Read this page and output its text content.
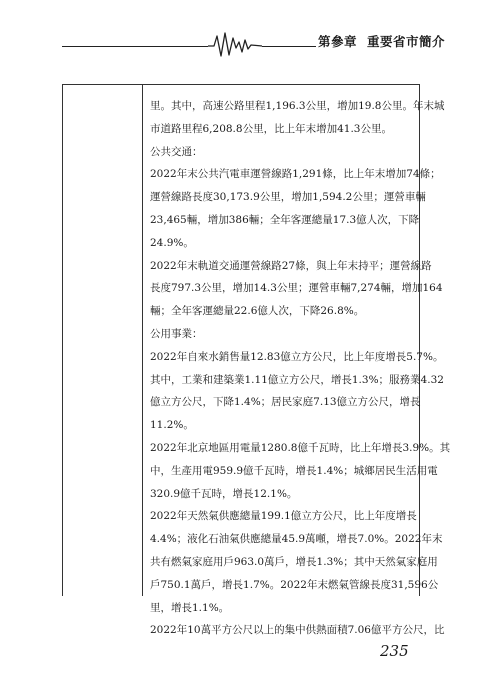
第參章 重要省市簡介
里。其中，高速公路里程1,196.3公里，增加19.8公里。年末城
市道路里程6,208.8公里，比上年末增加41.3公里。
公共交通：
2022年末公共汽電車運營線路1,291條，比上年末增加74條；
運營線路長度30,173.9公里，增加1,594.2公里；運營車輛
23,465輛，增加386輛；全年客運總量17.3億人次，下降
24.9%。
2022年末軌道交通運營線路27條，與上年末持平；運營線路
長度797.3公里，增加14.3公里；運營車輛7,274輛，增加164
輛；全年客運總量22.6億人次，下降26.8%。
公用事業：
2022年自來水銷售量12.83億立方公尺，比上年度增長5.7%。
其中，工業和建築業1.11億立方公尺，增長1.3%；服務業4.32
億立方公尺，下降1.4%；居民家庭7.13億立方公尺，增長
11.2%。
2022年北京地區用電量1280.8億千瓦時，比上年增長3.9%。其
中，生產用電959.9億千瓦時，增長1.4%；城鄉居民生活用電
320.9億千瓦時，增長12.1%。
2022年天然氣供應總量199.1億立方公尺，比上年度增長
4.4%；液化石油氣供應總量45.9萬噸，增長7.0%。2022年末
共有燃氣家庭用戶963.0萬戶，增長1.3%；其中天然氣家庭用
戶750.1萬戶，增長1.7%。2022年末燃氣管線長度31,596公
里，增長1.1%。
2022年10萬平方公尺以上的集中供熱面積7.06億平方公尺，比
235
